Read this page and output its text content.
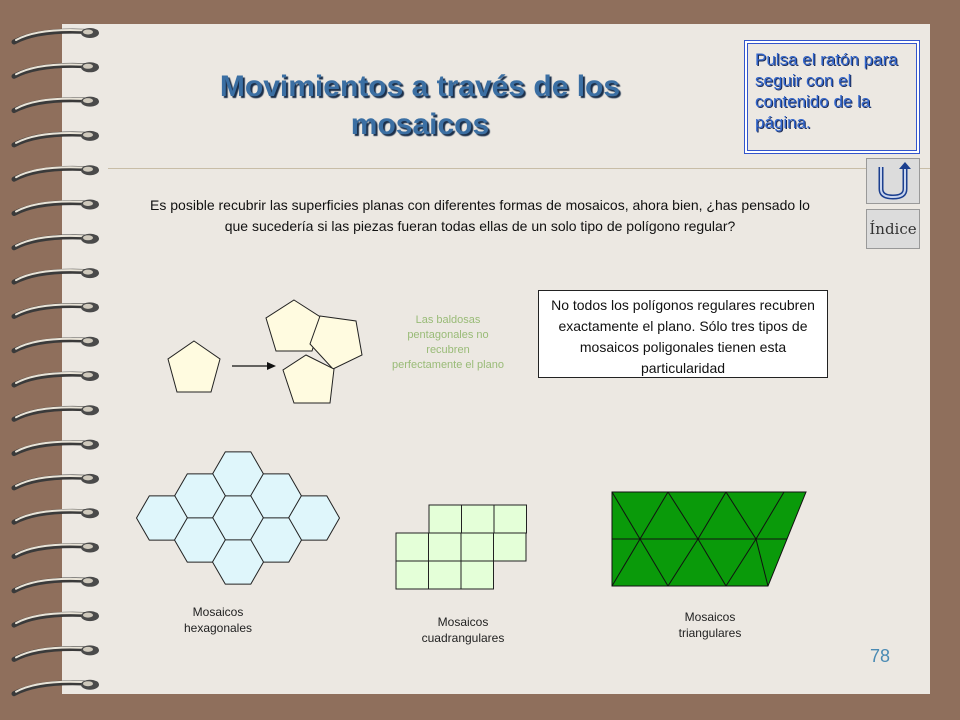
Movimientos a través de los mosaicos
Pulsa el ratón para seguir con el contenido de la página.
Índice
Es posible recubrir las superficies planas con diferentes formas de mosaicos, ahora bien, ¿has pensado lo que sucedería si las piezas fueran todas ellas de un solo tipo de polígono regular?
Las baldosas pentagonales no recubren perfectamente el plano
No todos los polígonos regulares recubren exactamente el plano. Sólo tres tipos de mosaicos poligonales tienen esta particularidad
Mosaicos hexagonales	Mosaicos cuadrangulares
Mosaicos triangulares
78
